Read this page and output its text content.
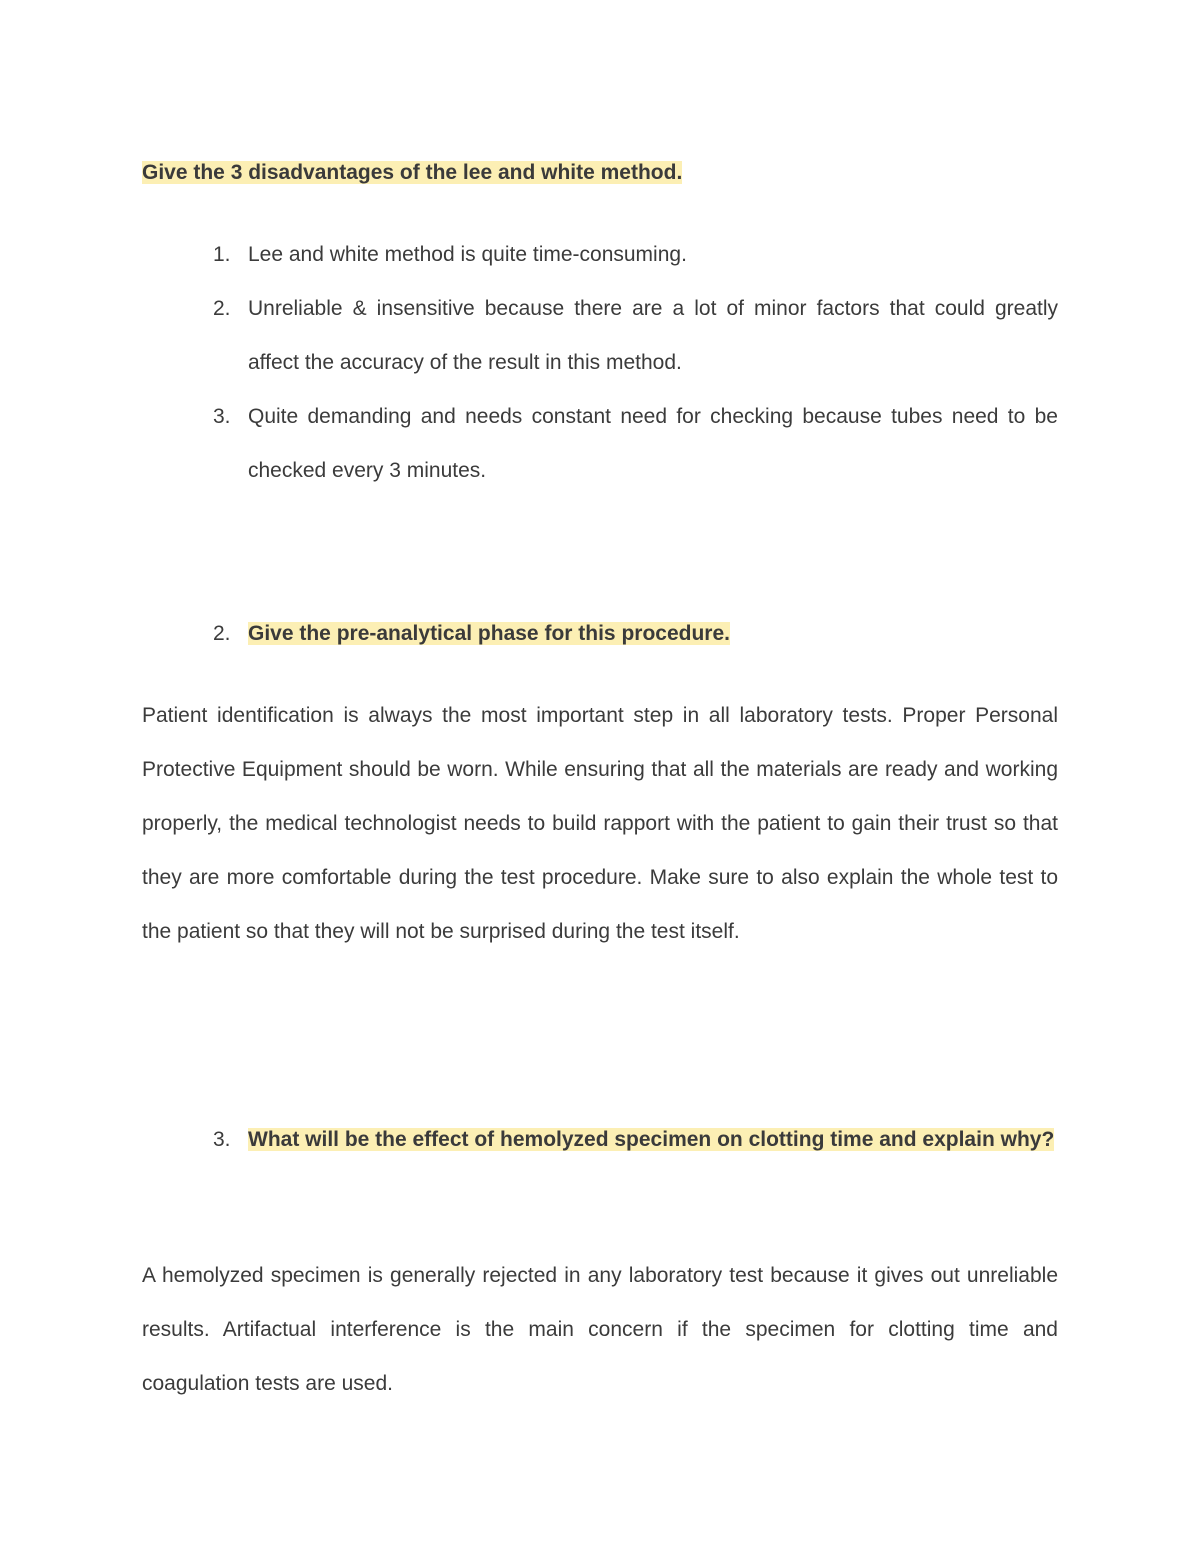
Give the 3 disadvantages of the lee and white method.
1. Lee and white method is quite time-consuming.
2. Unreliable & insensitive because there are a lot of minor factors that could greatly affect the accuracy of the result in this method.
3. Quite demanding and needs constant need for checking because tubes need to be checked every 3 minutes.
2. Give the pre-analytical phase for this procedure.

Patient identification is always the most important step in all laboratory tests. Proper Personal Protective Equipment should be worn. While ensuring that all the materials are ready and working properly, the medical technologist needs to build rapport with the patient to gain their trust so that they are more comfortable during the test procedure. Make sure to also explain the whole test to the patient so that they will not be surprised during the test itself.

3. What will be the effect of hemolyzed specimen on clotting time and explain why?

A hemolyzed specimen is generally rejected in any laboratory test because it gives out unreliable results. Artifactual interference is the main concern if the specimen for clotting time and coagulation tests are used.
